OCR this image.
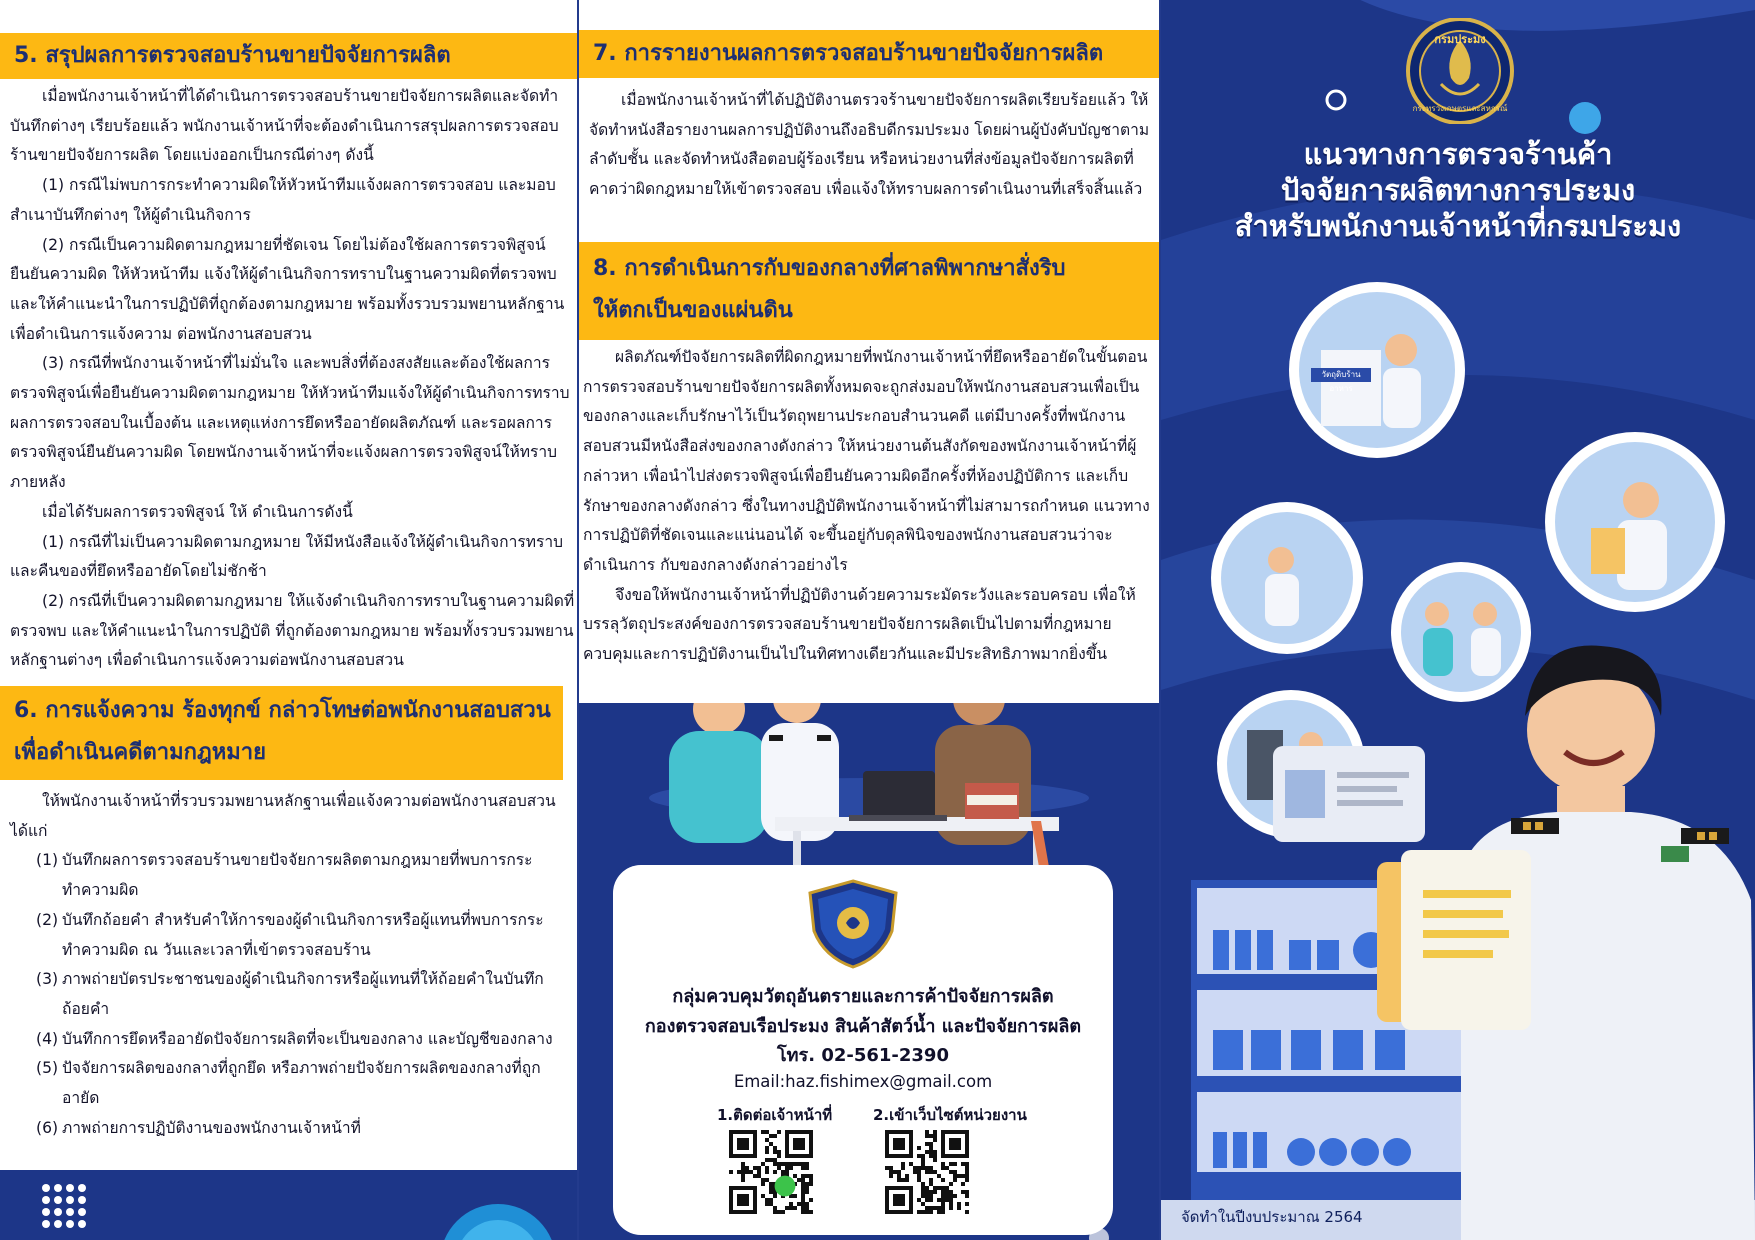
5. สรุปผลการตรวจสอบร้านขายปัจจัยการผลิต

เมื่อพนักงานเจ้าหน้าที่ได้ดำเนินการตรวจสอบร้านขายปัจจัยการผลิตและจัดทำบันทึกต่างๆ เรียบร้อยแล้ว พนักงานเจ้าหน้าที่จะต้องดำเนินการสรุปผลการตรวจสอบร้านขายปัจจัยการผลิต โดยแบ่งออกเป็นกรณีต่างๆ ดังนี้

(1) กรณีไม่พบการกระทำความผิดให้หัวหน้าทีมแจ้งผลการตรวจสอบ และมอบสำเนาบันทึกต่างๆ ให้ผู้ดำเนินกิจการ

(2) กรณีเป็นความผิดตามกฎหมายที่ชัดเจน โดยไม่ต้องใช้ผลการตรวจพิสูจน์ยืนยันความผิด ให้หัวหน้าทีม แจ้งให้ผู้ดำเนินกิจการทราบในฐานความผิดที่ตรวจพบ และให้คำแนะนำในการปฏิบัติที่ถูกต้องตามกฎหมาย พร้อมทั้งรวบรวมพยานหลักฐานเพื่อดำเนินการแจ้งความ ต่อพนักงานสอบสวน

(3) กรณีที่พนักงานเจ้าหน้าที่ไม่มั่นใจ และพบสิ่งที่ต้องสงสัยและต้องใช้ผลการตรวจพิสูจน์เพื่อยืนยันความผิดตามกฎหมาย ให้หัวหน้าทีมแจ้งให้ผู้ดำเนินกิจการทราบผลการตรวจสอบในเบื้องต้น และเหตุแห่งการยึดหรืออายัดผลิตภัณฑ์ และรอผลการตรวจพิสูจน์ยืนยันความผิด โดยพนักงานเจ้าหน้าที่จะแจ้งผลการตรวจพิสูจน์ให้ทราบภายหลัง

เมื่อได้รับผลการตรวจพิสูจน์ ให้ ดำเนินการดังนี้

(1) กรณีที่ไม่เป็นความผิดตามกฎหมาย ให้มีหนังสือแจ้งให้ผู้ดำเนินกิจการทราบและคืนของที่ยึดหรืออายัดโดยไม่ชักช้า

(2) กรณีที่เป็นความผิดตามกฎหมาย ให้แจ้งดำเนินกิจการทราบในฐานความผิดที่ตรวจพบ และให้คำแนะนำในการปฏิบัติ ที่ถูกต้องตามกฎหมาย พร้อมทั้งรวบรวมพยานหลักฐานต่างๆ เพื่อดำเนินการแจ้งความต่อพนักงานสอบสวน

6. การแจ้งความ ร้องทุกข์ กล่าวโทษต่อพนักงานสอบสวน
เพื่อดำเนินคดีตามกฎหมาย

ให้พนักงานเจ้าหน้าที่รวบรวมพยานหลักฐานเพื่อแจ้งความต่อพนักงานสอบสวนได้แก่

(1) บันทึกผลการตรวจสอบร้านขายปัจจัยการผลิตตามกฎหมายที่พบการกระทำความผิด
(2) บันทึกถ้อยคำ สำหรับคำให้การของผู้ดำเนินกิจการหรือผู้แทนที่พบการกระทำความผิด ณ วันและเวลาที่เข้าตรวจสอบร้าน
(3) ภาพถ่ายบัตรประชาชนของผู้ดำเนินกิจการหรือผู้แทนที่ให้ถ้อยคำในบันทึกถ้อยคำ
(4) บันทึกการยึดหรืออายัดปัจจัยการผลิตที่จะเป็นของกลาง และบัญชีของกลาง
(5) ปัจจัยการผลิตของกลางที่ถูกยึด หรือภาพถ่ายปัจจัยการผลิตของกลางที่ถูกอายัด
(6) ภาพถ่ายการปฏิบัติงานของพนักงานเจ้าหน้าที่
7. การรายงานผลการตรวจสอบร้านขายปัจจัยการผลิต

เมื่อพนักงานเจ้าหน้าที่ได้ปฏิบัติงานตรวจร้านขายปัจจัยการผลิตเรียบร้อยแล้ว ให้จัดทำหนังสือรายงานผลการปฏิบัติงานถึงอธิบดีกรมประมง โดยผ่านผู้บังคับบัญชาตามลำดับชั้น และจัดทำหนังสือตอบผู้ร้องเรียน หรือหน่วยงานที่ส่งข้อมูลปัจจัยการผลิตที่คาดว่าผิดกฎหมายให้เข้าตรวจสอบ เพื่อแจ้งให้ทราบผลการดำเนินงานที่เสร็จสิ้นแล้ว

8. การดำเนินการกับของกลางที่ศาลพิพากษาสั่งริบ
ให้ตกเป็นของแผ่นดิน

ผลิตภัณฑ์ปัจจัยการผลิตที่ผิดกฎหมายที่พนักงานเจ้าหน้าที่ยึดหรืออายัดในขั้นตอนการตรวจสอบร้านขายปัจจัยการผลิตทั้งหมดจะถูกส่งมอบให้พนักงานสอบสวนเพื่อเป็นของกลางและเก็บรักษาไว้เป็นวัตถุพยานประกอบสำนวนคดี แต่มีบางครั้งที่พนักงานสอบสวนมีหนังสือส่งของกลางดังกล่าว ให้หน่วยงานต้นสังกัดของพนักงานเจ้าหน้าที่ผู้กล่าวหา เพื่อนำไปส่งตรวจพิสูจน์เพื่อยืนยันความผิดอีกครั้งที่ห้องปฏิบัติการ และเก็บรักษาของกลางดังกล่าว ซึ่งในทางปฏิบัติพนักงานเจ้าหน้าที่ไม่สามารถกำหนด แนวทางการปฏิบัติที่ชัดเจนและแน่นอนได้ จะขึ้นอยู่กับดุลพินิจของพนักงานสอบสวนว่าจะดำเนินการ กับของกลางดังกล่าวอย่างไร

จึงขอให้พนักงานเจ้าหน้าที่ปฏิบัติงานด้วยความระมัดระวังและรอบครอบ เพื่อให้บรรลุวัตถุประสงค์ของการตรวจสอบร้านขายปัจจัยการผลิตเป็นไปตามที่กฎหมายควบคุมและการปฏิบัติงานเป็นไปในทิศทางเดียวกันและมีประสิทธิภาพมากยิ่งขึ้น

กลุ่มควบคุมวัตถุอันตรายและการค้าปัจจัยการผลิต
กองตรวจสอบเรือประมง สินค้าสัตว์น้ำ และปัจจัยการผลิต
โทร. 02-561-2390
Email:haz.fishimex@gmail.com
1.ติดต่อเจ้าหน้าที่	2.เข้าเว็บไซต์หน่วยงาน
กรมประมง
กระทรวงเกษตรและสหกรณ์
แนวทางการตรวจร้านค้า
ปัจจัยการผลิตทางการประมง
สำหรับพนักงานเจ้าหน้าที่กรมประมง
วัตถุดิบร้านอาหาร
จัดทำในปีงบประมาณ 2564
